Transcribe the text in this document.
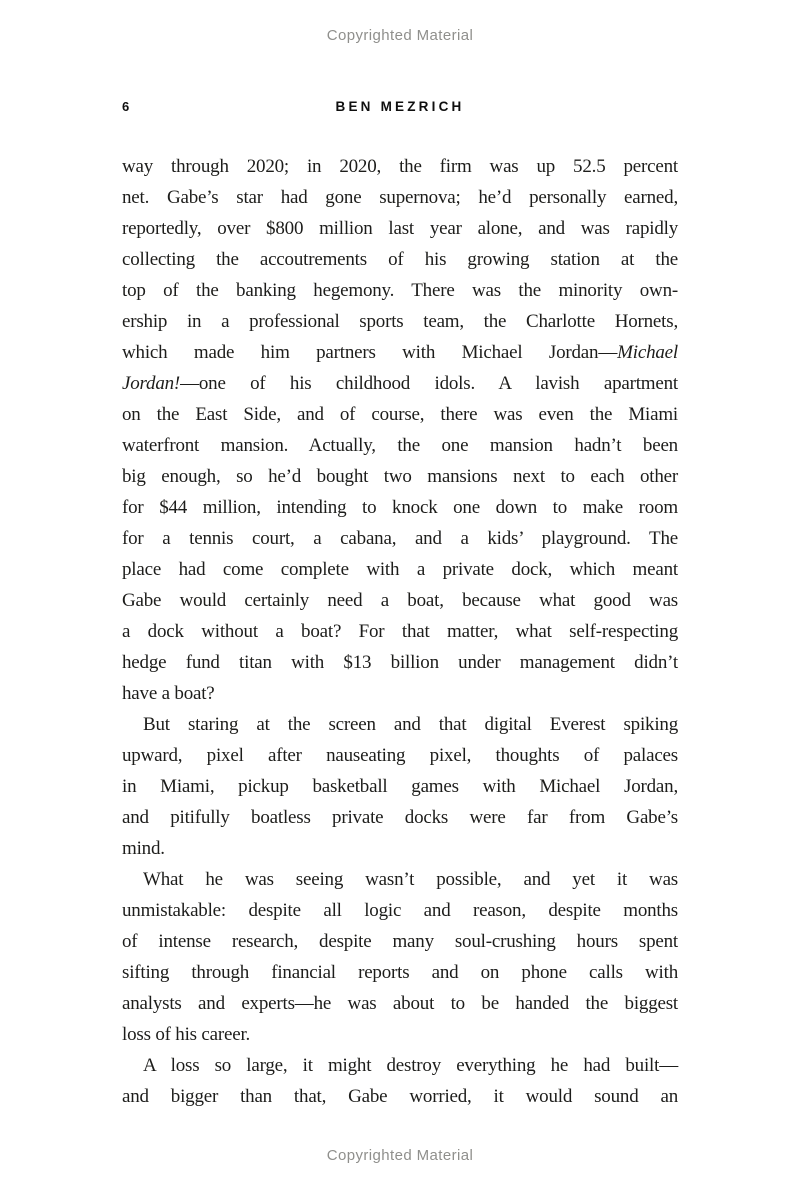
Copyrighted Material
6	BEN MEZRICH
way through 2020; in 2020, the firm was up 52.5 percent
net. Gabe’s star had gone supernova; he’d personally earned,
reportedly, over $800 million last year alone, and was rapidly
collecting the accoutrements of his growing station at the
top of the banking hegemony. There was the minority own-
ership in a professional sports team, the Charlotte Hornets,
which made him partners with Michael Jordan—Michael
Jordan!—one of his childhood idols. A lavish apartment
on the East Side, and of course, there was even the Miami
waterfront mansion. Actually, the one mansion hadn’t been
big enough, so he’d bought two mansions next to each other
for $44 million, intending to knock one down to make room
for a tennis court, a cabana, and a kids’ playground. The
place had come complete with a private dock, which meant
Gabe would certainly need a boat, because what good was
a dock without a boat? For that matter, what self-respecting
hedge fund titan with $13 billion under management didn’t
have a boat?
But staring at the screen and that digital Everest spiking
upward, pixel after nauseating pixel, thoughts of palaces
in Miami, pickup basketball games with Michael Jordan,
and pitifully boatless private docks were far from Gabe’s
mind.
What he was seeing wasn’t possible, and yet it was
unmistakable: despite all logic and reason, despite months
of intense research, despite many soul-crushing hours spent
sifting through financial reports and on phone calls with
analysts and experts—he was about to be handed the biggest
loss of his career.
A loss so large, it might destroy everything he had built—
and bigger than that, Gabe worried, it would sound an
Copyrighted Material
